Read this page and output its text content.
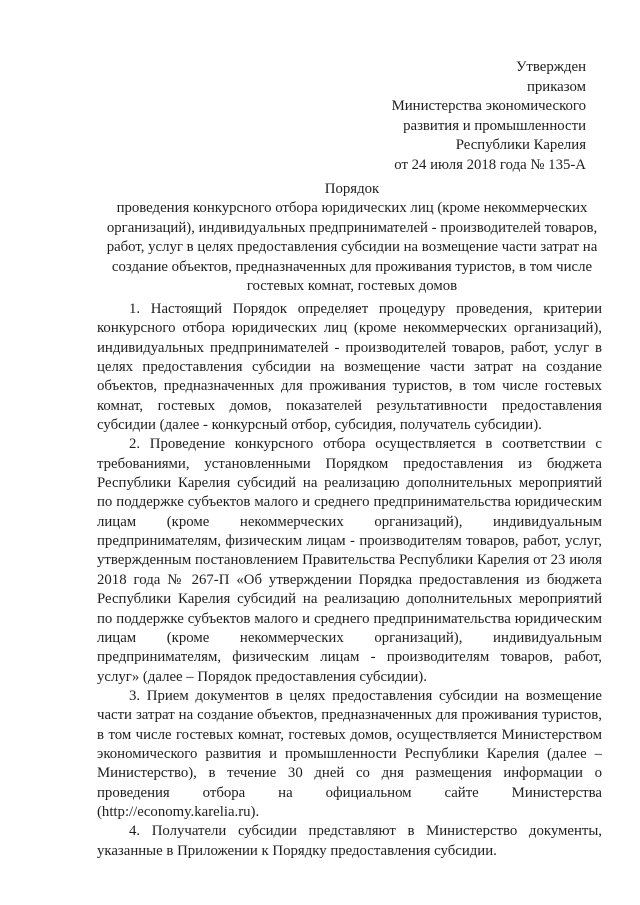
Утвержден
приказом
Министерства экономического
развития и промышленности
Республики Карелия
от 24 июля 2018 года № 135-А
Порядок
проведения конкурсного отбора юридических лиц (кроме некоммерческих организаций), индивидуальных предпринимателей - производителей товаров, работ, услуг в целях предоставления субсидии на возмещение части затрат на создание объектов, предназначенных для проживания туристов, в том числе гостевых комнат, гостевых домов

1. Настоящий Порядок определяет процедуру проведения, критерии конкурсного отбора юридических лиц (кроме некоммерческих организаций), индивидуальных предпринимателей - производителей товаров, работ, услуг в целях предоставления субсидии на возмещение части затрат на создание объектов, предназначенных для проживания туристов, в том числе гостевых комнат, гостевых домов, показателей результативности предоставления субсидии (далее - конкурсный отбор, субсидия, получатель субсидии).

2. Проведение конкурсного отбора осуществляется в соответствии с требованиями, установленными Порядком предоставления из бюджета Республики Карелия субсидий на реализацию дополнительных мероприятий по поддержке субъектов малого и среднего предпринимательства юридическим лицам (кроме некоммерческих организаций), индивидуальным предпринимателям, физическим лицам - производителям товаров, работ, услуг, утвержденным постановлением Правительства Республики Карелия от 23 июля 2018 года № 267-П «Об утверждении Порядка предоставления из бюджета Республики Карелия субсидий на реализацию дополнительных мероприятий по поддержке субъектов малого и среднего предпринимательства юридическим лицам (кроме некоммерческих организаций), индивидуальным предпринимателям, физическим лицам - производителям товаров, работ, услуг» (далее – Порядок предоставления субсидии).

3. Прием документов в целях предоставления субсидии на возмещение части затрат на создание объектов, предназначенных для проживания туристов, в том числе гостевых комнат, гостевых домов, осуществляется Министерством экономического развития и промышленности Республики Карелия (далее – Министерство), в течение 30 дней со дня размещения информации о проведения отбора на официальном сайте Министерства (http://economy.karelia.ru).

4. Получатели субсидии представляют в Министерство документы, указанные в Приложении к Порядку предоставления субсидии.
